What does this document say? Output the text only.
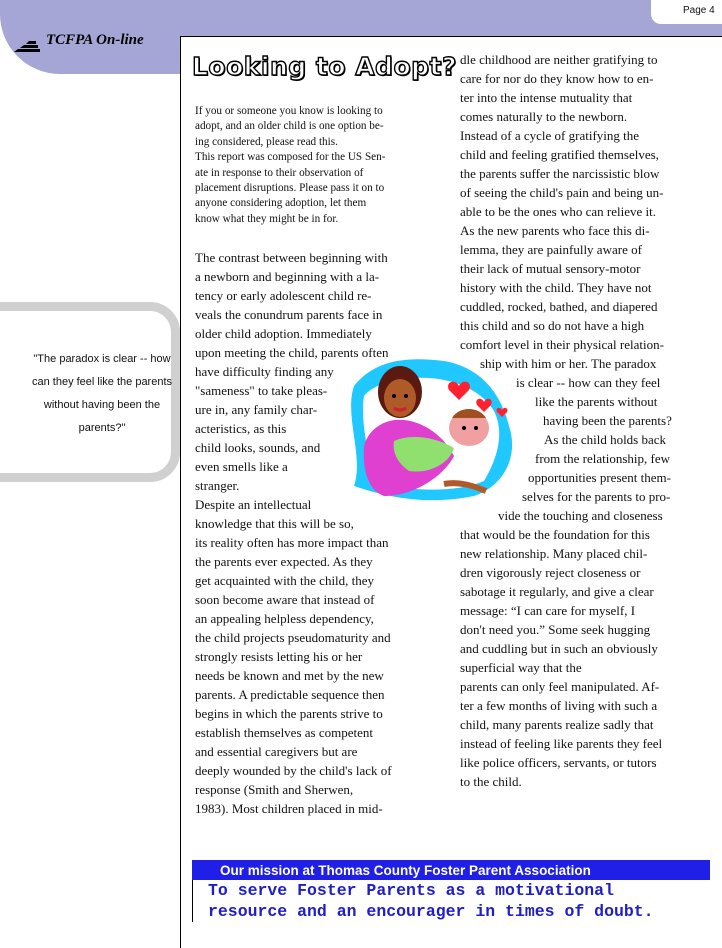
Page 4
TCFPA On-line
"The paradox is clear -- how
can they feel like the parents
without having been the
parents?"
Looking to Adopt?
If you or someone you know is looking to
adopt, and an older child is one option be-
ing considered, please read this.
This report was composed for the US Sen-
ate in response to their observation of
placement disruptions. Please pass it on to
anyone considering adoption, let them
know what they might be in for.
The contrast between beginning with
a newborn and beginning with a la-
tency or early adolescent child re-
veals the conundrum parents face in
older child adoption. Immediately
upon meeting the child, parents often
have difficulty finding any
"sameness" to take pleas-
ure in, any family char-
acteristics, as this
child looks, sounds, and
even smells like a
stranger.
Despite an intellectual
knowledge that this will be so,
its reality often has more impact than
the parents ever expected. As they
get acquainted with the child, they
soon become aware that instead of
an appealing helpless dependency,
the child projects pseudomaturity and
strongly resists letting his or her
needs be known and met by the new
parents. A predictable sequence then
begins in which the parents strive to
establish themselves as competent
and essential caregivers but are
deeply wounded by the child's lack of
response (Smith and Sherwen,
1983). Most children placed in mid-
dle childhood are neither gratifying to
care for nor do they know how to en-
ter into the intense mutuality that
comes naturally to the newborn.
Instead of a cycle of gratifying the
child and feeling gratified themselves,
the parents suffer the narcissistic blow
of seeing the child's pain and being un-
able to be the ones who can relieve it.
As the new parents who face this di-
lemma, they are painfully aware of
their lack of mutual sensory-motor
history with the child. They have not
cuddled, rocked, bathed, and diapered
this child and so do not have a high
comfort level in their physical relation-
ship with him or her. The paradox
is clear -- how can they feel
like the parents without
having been the parents?
As the child holds back
from the relationship, few
opportunities present them-
selves for the parents to pro-
vide the touching and closeness
that would be the foundation for this
new relationship. Many placed chil-
dren vigorously reject closeness or
sabotage it regularly, and give a clear
message: “I can care for myself, I
don't need you.” Some seek hugging
and cuddling but in such an obviously
superficial way that the
parents can only feel manipulated. Af-
ter a few months of living with such a
child, many parents realize sadly that
instead of feeling like parents they feel
like police officers, servants, or tutors
to the child.
Our mission at Thomas County Foster Parent Association
To serve Foster Parents as a motivational
resource and an encourager in times of doubt.
